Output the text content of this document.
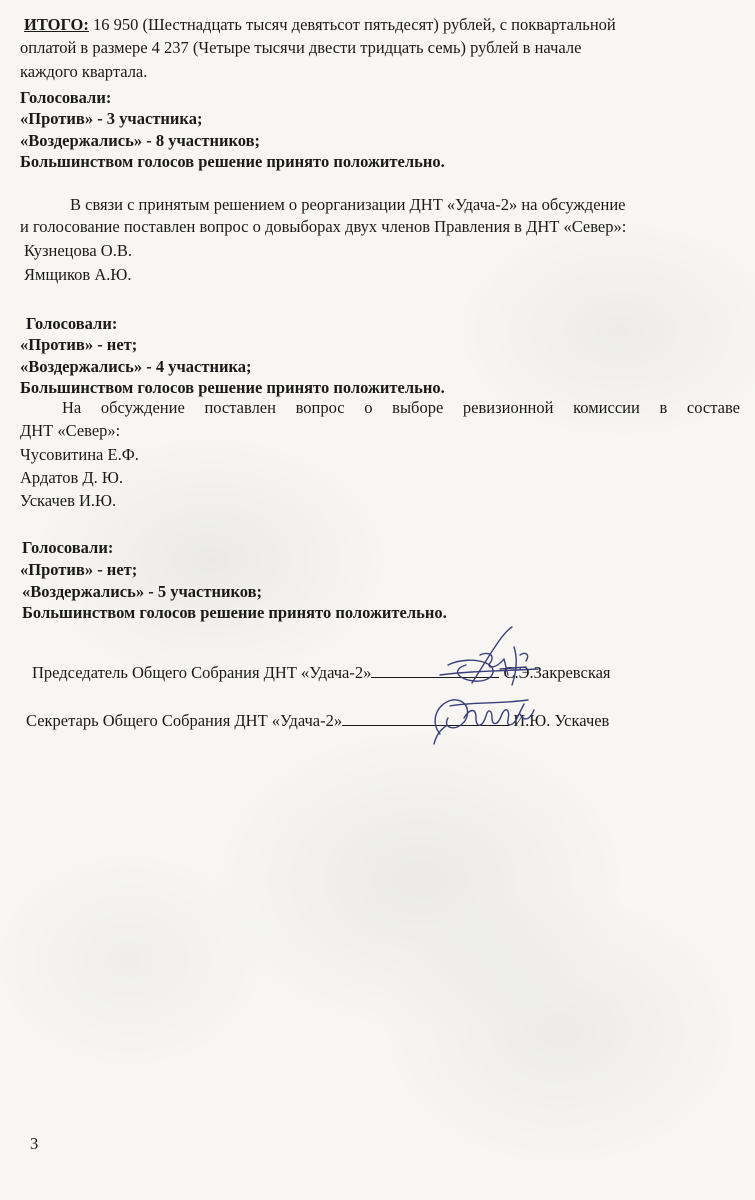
ИТОГО: 16 950 (Шестнадцать тысяч девятьсот пятьдесят) рублей, с поквартальной
оплатой в размере 4 237 (Четыре тысячи двести тридцать семь) рублей в начале
каждого квартала.
Голосовали:
«Против» - 3 участника;
«Воздержались» - 8 участников;
Большинством голосов решение принято положительно.
В связи с принятым решением о реорганизации ДНТ «Удача-2» на обсуждение
и голосование поставлен вопрос о довыборах двух членов Правления в ДНТ «Север»:
Кузнецова О.В.
Ямщиков А.Ю.
Голосовали:
«Против» - нет;
«Воздержались» - 4 участника;
Большинством голосов решение принято положительно.
На обсуждение поставлен вопрос о выборе ревизионной комиссии в составе
ДНТ «Север»:
Чусовитина Е.Ф.
Ардатов Д. Ю.
Ускачев И.Ю.
Голосовали:
«Против» - нет;
«Воздержались» - 5 участников;
Большинством голосов решение принято положительно.
Председатель Общего Собрания ДНТ «Удача-2»	С.Э.Закревская
Секретарь Общего Собрания ДНТ «Удача-2»	И.Ю. Ускачев
3
